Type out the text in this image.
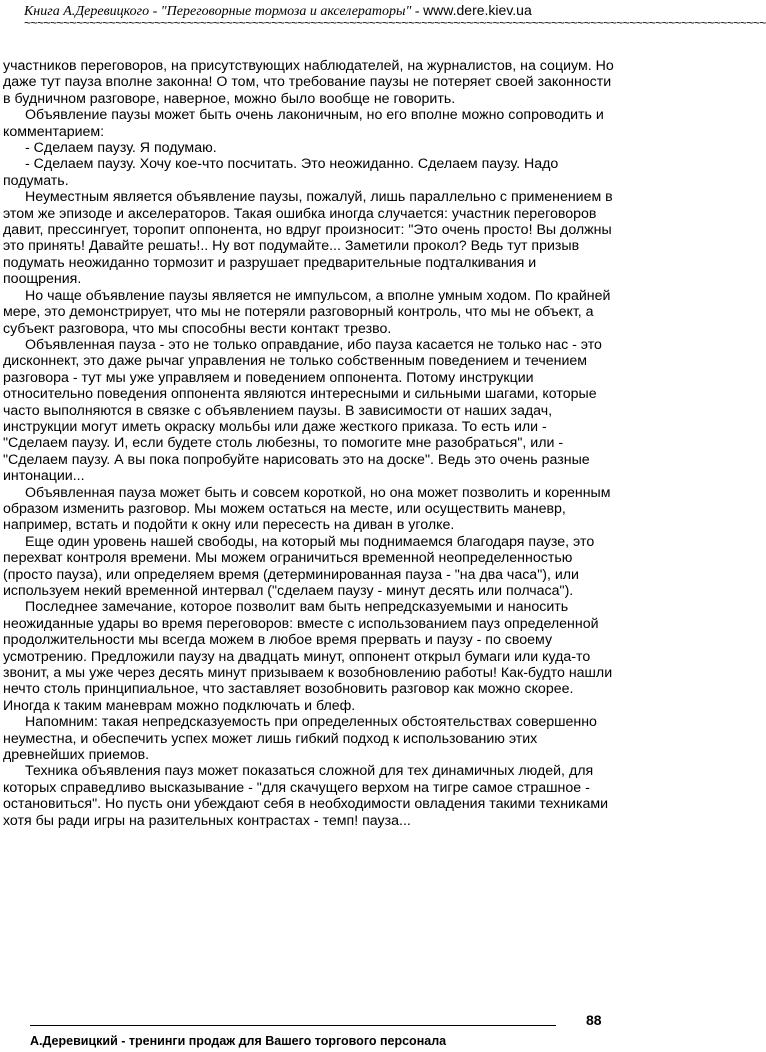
Книга А.Деревицкого - "Переговорные тормоза и акселераторы" - www.dere.kiev.ua
~~~~~~~~~~~~~~~~~~~~~~~~~~~~~~~~~~~~~~~~~~~~~~~~~~~~~~~~~~~~~~~~~~~~~~~~~~~~~~~~~~~~~~~~~~~~~~~~~~~~~~~~~~~~~~~~~~

участников переговоров, на присутствующих наблюдателей, на журналистов, на социум. Но даже тут пауза вполне законна! О том, что требование паузы не потеряет своей законности в будничном разговоре, наверное, можно было вообще не говорить.

Объявление паузы может быть очень лаконичным, но его вполне можно сопроводить и комментарием:

- Сделаем паузу. Я подумаю.

- Сделаем паузу. Хочу кое-что посчитать. Это неожиданно. Сделаем паузу. Надо подумать.

Неуместным является объявление паузы, пожалуй, лишь параллельно с применением в этом же эпизоде и акселераторов. Такая ошибка иногда случается: участник переговоров давит, прессингует, торопит оппонента, но вдруг произносит: "Это очень просто! Вы должны это принять! Давайте решать!.. Ну вот подумайте... Заметили прокол? Ведь тут призыв подумать неожиданно тормозит и разрушает предварительные подталкивания и поощрения.

Но чаще объявление паузы является не импульсом, а вполне умным ходом. По крайней мере, это демонстрирует, что мы не потеряли разговорный контроль, что мы не объект, а субъект разговора, что мы способны вести контакт трезво.

Объявленная пауза - это не только оправдание, ибо пауза касается не только нас - это дисконнект, это даже рычаг управления не только собственным поведением и течением разговора - тут мы уже управляем и поведением оппонента. Потому инструкции относительно поведения оппонента являются интересными и сильными шагами, которые часто выполняются в связке с объявлением паузы. В зависимости от наших задач, инструкции могут иметь окраску мольбы или даже жесткого приказа. То есть или - "Сделаем паузу. И, если будете столь любезны, то помогите мне разобраться", или - "Сделаем паузу. А вы пока попробуйте нарисовать это на доске". Ведь это очень разные интонации...

Объявленная пауза может быть и совсем короткой, но она может позволить и коренным образом изменить разговор. Мы можем остаться на месте, или осуществить маневр, например, встать и подойти к окну или пересесть на диван в уголке.

Еще один уровень нашей свободы, на который мы поднимаемся благодаря паузе, это перехват контроля времени. Мы можем ограничиться временной неопределенностью (просто пауза), или определяем время (детерминированная пауза - "на два часа"), или используем некий временной интервал ("сделаем паузу - минут десять или полчаса").

Последнее замечание, которое позволит вам быть непредсказуемыми и наносить неожиданные удары во время переговоров: вместе с использованием пауз определенной продолжительности мы всегда можем в любое время прервать и паузу - по своему усмотрению. Предложили паузу на двадцать минут, оппонент открыл бумаги или куда-то звонит, а мы уже через десять минут призываем к возобновлению работы! Как-будто нашли нечто столь принципиальное, что заставляет возобновить разговор как можно скорее. Иногда к таким маневрам можно подключать и блеф.

Напомним: такая непредсказуемость при определенных обстоятельствах совершенно неуместна, и обеспечить успех может лишь гибкий подход к использованию этих древнейших приемов.

Техника объявления пауз может показаться сложной для тех динамичных людей, для которых справедливо высказывание - "для скачущего верхом на тигре самое страшное - остановиться". Но пусть они убеждают себя в необходимости овладения такими техниками хотя бы ради игры на разительных контрастах - темп! пауза...

88
А.Деревицкий - тренинги продаж для Вашего торгового персонала
